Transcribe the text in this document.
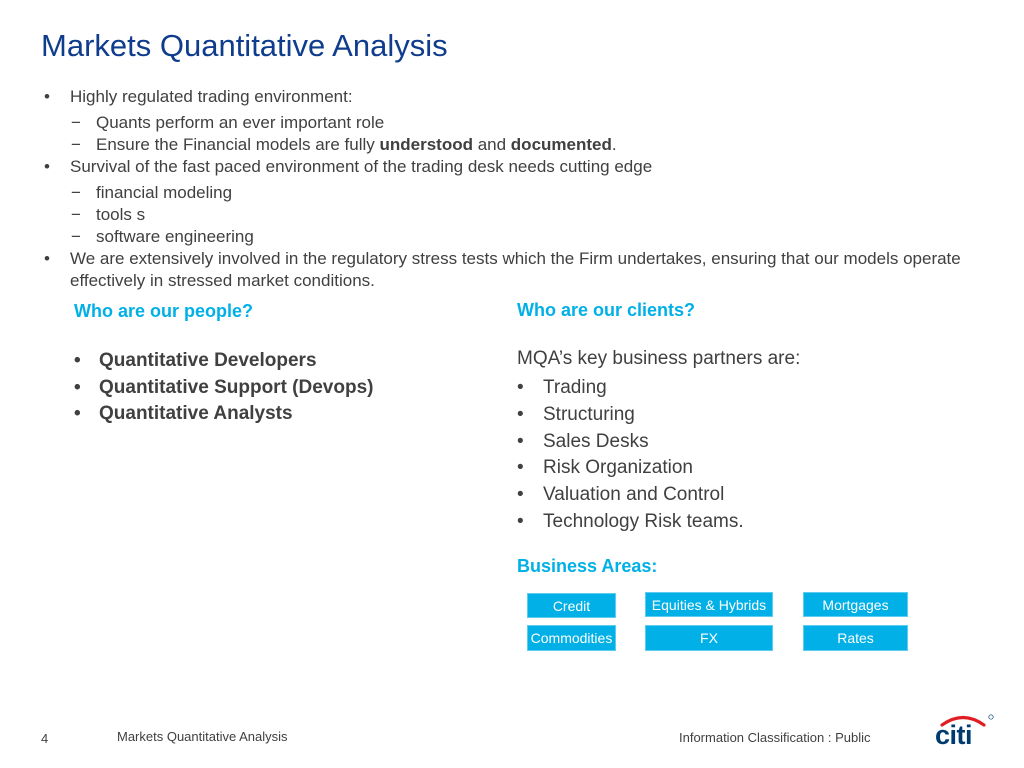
Markets Quantitative Analysis
• Highly regulated trading environment:
− Quants perform an ever important role
− Ensure the Financial models are fully understood and documented.
• Survival of the fast paced environment of the trading desk needs cutting edge
− financial modeling
− tools s
− software engineering
• We are extensively involved in the regulatory stress tests which the Firm undertakes, ensuring that our models operate effectively in stressed market conditions.
Who are our people?
• Quantitative Developers
• Quantitative Support (Devops)
• Quantitative Analysts
Who are our clients?

MQA’s key business partners are:

• Trading
• Structuring
• Sales Desks
• Risk Organization
• Valuation and Control
• Technology Risk teams.
Business Areas:
Credit	Equities & Hybrids	Mortgages
Commodities	FX	Rates
4	Markets Quantitative Analysis	Information Classification : Public citi
